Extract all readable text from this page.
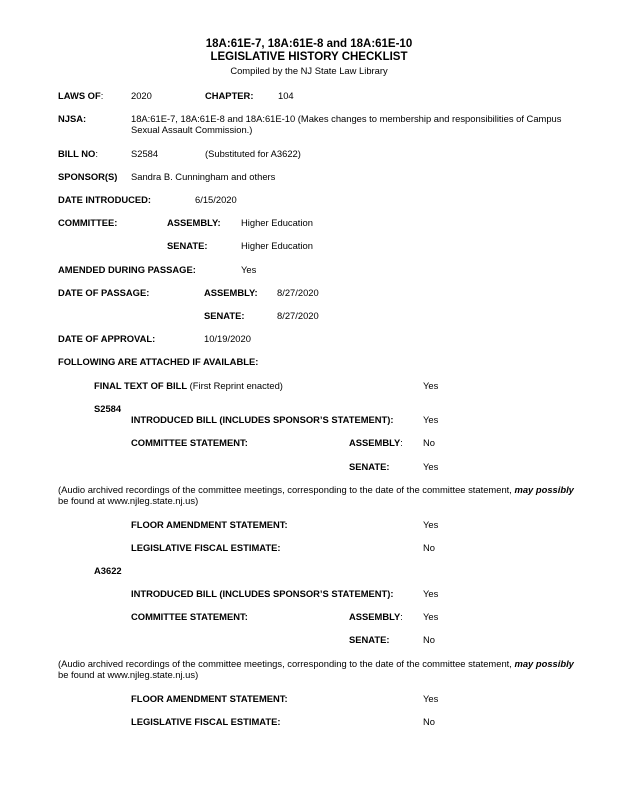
18A:61E-7, 18A:61E-8 and 18A:61E-10
LEGISLATIVE HISTORY CHECKLIST
Compiled by the NJ State Law Library
LAWS OF:	2020	CHAPTER:	104
NJSA:	18A:61E-7, 18A:61E-8 and 18A:61E-10 (Makes changes to membership and responsibilities of Campus
Sexual Assault Commission.)
BILL NO:	S2584	(Substituted for A3622)
SPONSOR(S) Sandra B. Cunningham and others
DATE INTRODUCED:	6/15/2020
COMMITTEE:	ASSEMBLY: Higher Education
SENATE:	Higher Education
AMENDED DURING PASSAGE:	Yes
DATE OF PASSAGE:	ASSEMBLY: 8/27/2020
SENATE:	8/27/2020
DATE OF APPROVAL:	10/19/2020
FOLLOWING ARE ATTACHED IF AVAILABLE:
FINAL TEXT OF BILL (First Reprint enacted)	Yes
S2584
INTRODUCED BILL (INCLUDES SPONSOR’S STATEMENT):	Yes
COMMITTEE STATEMENT:	ASSEMBLY: No
SENATE:	Yes
(Audio archived recordings of the committee meetings, corresponding to the date of the committee statement, may possibly
be found at www.njleg.state.nj.us)
FLOOR AMENDMENT STATEMENT:	Yes
LEGISLATIVE FISCAL ESTIMATE:	No
A3622
INTRODUCED BILL (INCLUDES SPONSOR’S STATEMENT):	Yes
COMMITTEE STATEMENT:	ASSEMBLY: Yes
SENATE:	No
(Audio archived recordings of the committee meetings, corresponding to the date of the committee statement, may possibly
be found at www.njleg.state.nj.us)
FLOOR AMENDMENT STATEMENT:	Yes
LEGISLATIVE FISCAL ESTIMATE:	No
